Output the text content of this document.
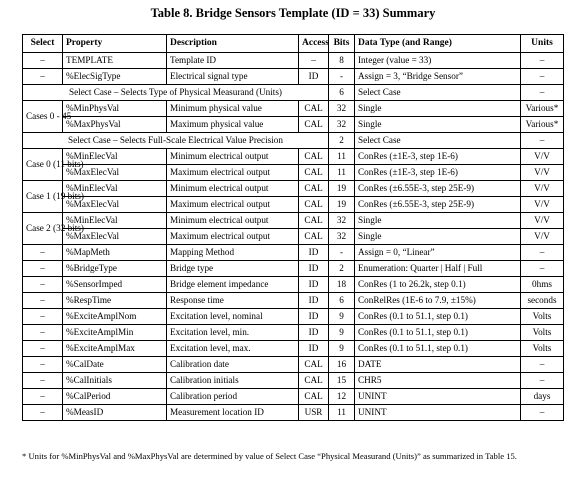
Table 8. Bridge Sensors Template (ID = 33) Summary
Select	Property	Description	Access	Bits	Data Type (and Range)	Units
–	TEMPLATE	Template ID	–	8	Integer (value = 33)	–
–	%ElecSigType	Electrical signal type	ID	-	Assign = 3, “Bridge Sensor”	–
Select Case – Selects Type of Physical Measurand (Units)				6	Select Case	–
Cases 0 - 45	%MinPhysVal	Minimum physical value	CAL	32	Single	Various*
	%MaxPhysVal	Maximum physical value	CAL	32	Single	Various*
Select Case – Selects Full-Scale Electrical Value Precision				2	Select Case	–
Case 0 (11 bits)	%MinElecVal	Minimum electrical output	CAL	11	ConRes (±1E-3, step 1E-6)	V/V
	%MaxElecVal	Maximum electrical output	CAL	11	ConRes (±1E-3, step 1E-6)	V/V
Case 1 (19 bits)	%MinElecVal	Minimum electrical output	CAL	19	ConRes (±6.55E-3, step 25E-9)	V/V
	%MaxElecVal	Maximum electrical output	CAL	19	ConRes (±6.55E-3, step 25E-9)	V/V
Case 2 (32 bits)	%MinElecVal	Minimum electrical output	CAL	32	Single	V/V
	%MaxElecVal	Maximum electrical output	CAL	32	Single	V/V
–	%MapMeth	Mapping Method	ID	-	Assign = 0, “Linear”	–
–	%BridgeType	Bridge type	ID	2	Enumeration: Quarter | Half | Full	–
–	%SensorImped	Bridge element impedance	ID	18	ConRes (1 to 26.2k, step 0.1)	0hms
–	%RespTime	Response time	ID	6	ConRelRes (1E-6 to 7.9, ±15%)	seconds
–	%ExciteAmplNom	Excitation level, nominal	ID	9	ConRes (0.1 to 51.1, step 0.1)	Volts
–	%ExciteAmplMin	Excitation level, min.	ID	9	ConRes (0.1 to 51.1, step 0.1)	Volts
–	%ExciteAmplMax	Excitation level, max.	ID	9	ConRes (0.1 to 51.1, step 0.1)	Volts
–	%CalDate	Calibration date	CAL	16	DATE	–
–	%CalInitials	Calibration initials	CAL	15	CHR5	–
–	%CalPeriod	Calibration period	CAL	12	UNINT	days
–	%MeasID	Measurement location ID	USR	11	UNINT	–
* Units for %MinPhysVal and %MaxPhysVal are determined by value of Select Case “Physical Measurand (Units)” as summarized in Table 15.
